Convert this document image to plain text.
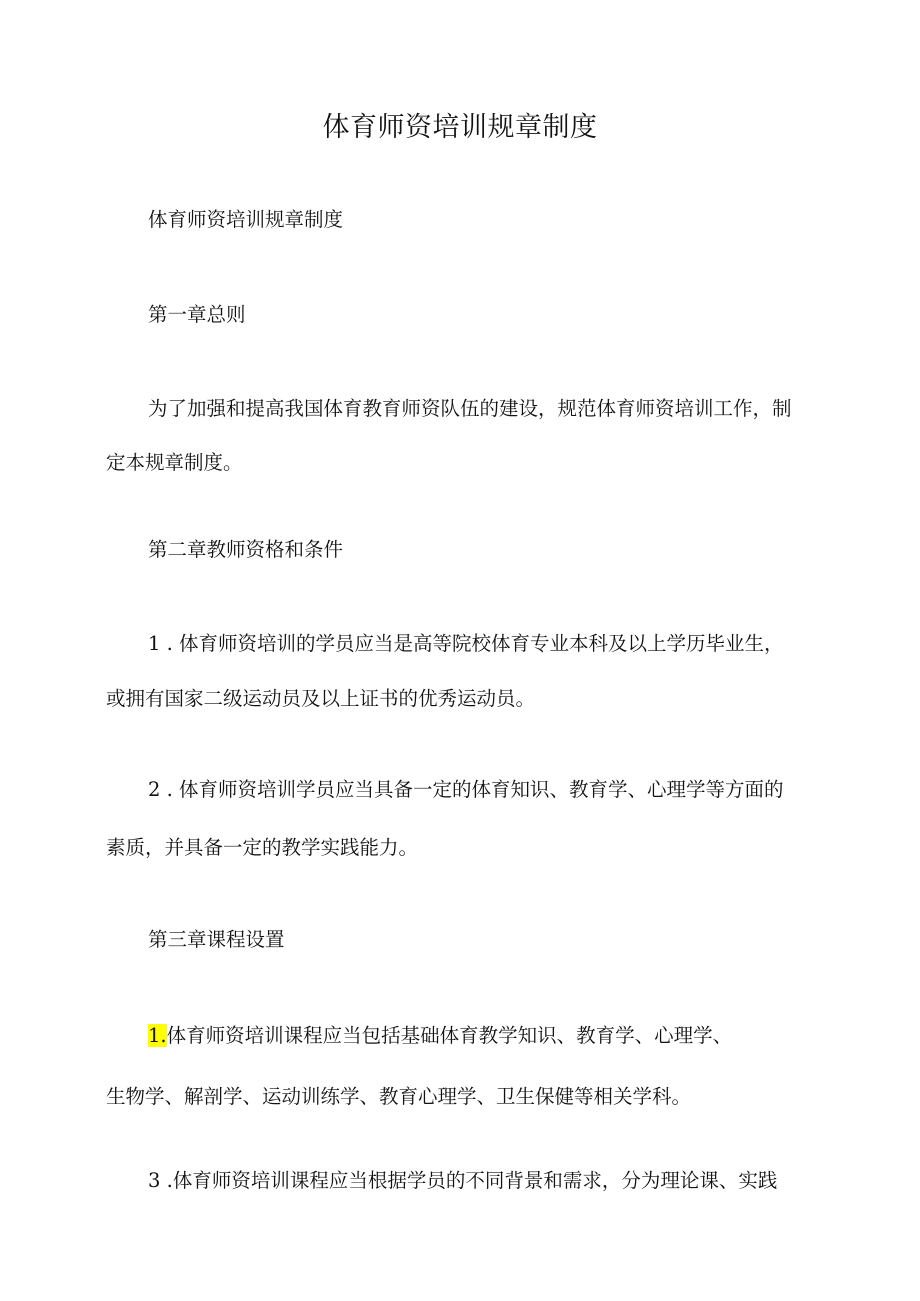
体育师资培训规章制度

体育师资培训规章制度

第一章总则

为了加强和提高我国体育教育师资队伍的建设，规范体育师资培训工作，制

定本规章制度。

第二章教师资格和条件

1 . 体育师资培训的学员应当是高等院校体育专业本科及以上学历毕业生，

或拥有国家二级运动员及以上证书的优秀运动员。

2 . 体育师资培训学员应当具备一定的体育知识、教育学、心理学等方面的

素质，并具备一定的教学实践能力。

第三章课程设置

1.体育师资培训课程应当包括基础体育教学知识、教育学、心理学、

生物学、解剖学、运动训练学、教育心理学、卫生保健等相关学科。

3 .体育师资培训课程应当根据学员的不同背景和需求，分为理论课、实践
